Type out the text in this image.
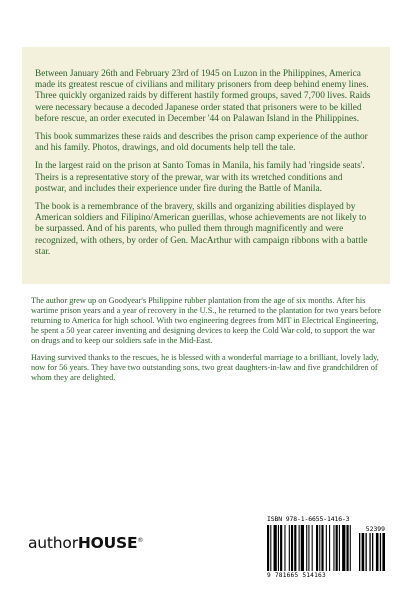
Between January 26th and February 23rd of 1945 on Luzon in the Philippines, America made its greatest rescue of civilians and military prisoners from deep behind enemy lines. Three quickly organized raids by different hastily formed groups, saved 7,700 lives. Raids were necessary because a decoded Japanese order stated that prisoners were to be killed before rescue, an order executed in December '44 on Palawan Island in the Philippines.

This book summarizes these raids and describes the prison camp experience of the author and his family. Photos, drawings, and old documents help tell the tale.

In the largest raid on the prison at Santo Tomas in Manila, his family had 'ringside seats'. Theirs is a representative story of the prewar, war with its wretched conditions and postwar, and includes their experience under fire during the Battle of Manila.

The book is a remembrance of the bravery, skills and organizing abilities displayed by American soldiers and Filipino/American guerillas, whose achievements are not likely to be surpassed. And of his parents, who pulled them through magnificently and were recognized, with others, by order of Gen. MacArthur with campaign ribbons with a battle star.

The author grew up on Goodyear's Philippine rubber plantation from the age of six months. After his wartime prison years and a year of recovery in the U.S., he returned to the plantation for two years before returning to America for high school. With two engineering degrees from MIT in Electrical Engineering, he spent a 50 year career inventing and designing devices to keep the Cold War cold, to support the war on drugs and to keep our soldiers safe in the Mid-East.

Having survived thanks to the rescues, he is blessed with a wonderful marriage to a brilliant, lovely lady, now for 56 years. They have two outstanding sons, two great daughters-in-law and five grandchildren of whom they are delighted.

authorHOUSE®
ISBN 978-1-6655-1416-3
52399
9 781665 514163
